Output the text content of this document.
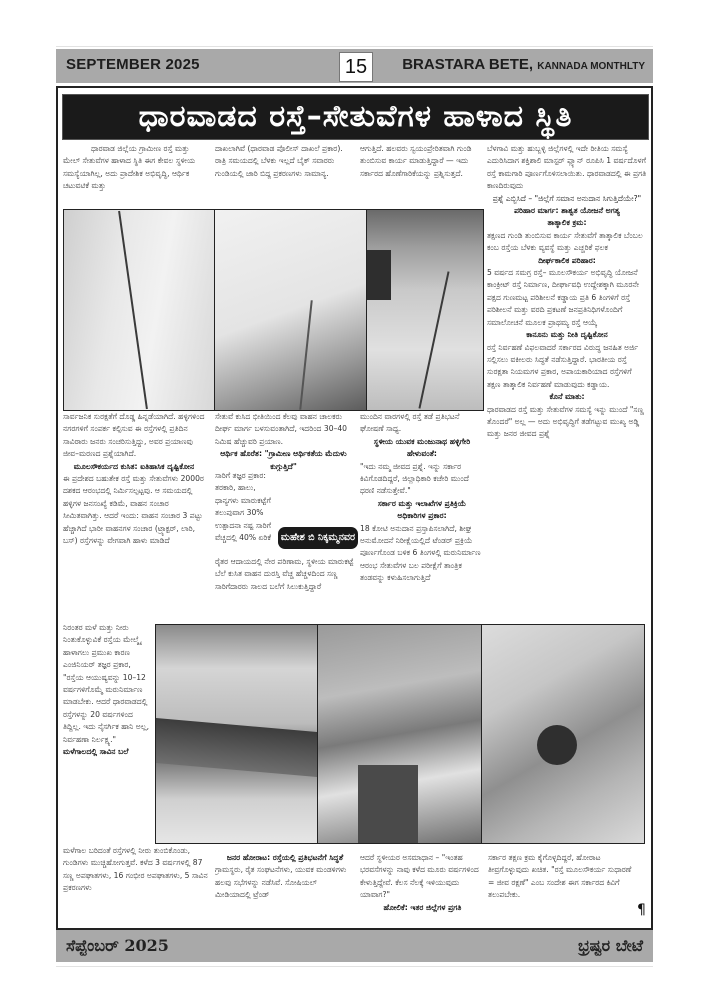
SEPTEMBER 2025	15	BRASTARA BETE, KANNADA MONTHLTY
ಧಾರವಾಡದ ರಸ್ತೆ–ಸೇತುವೆಗಳ ಹಾಳಾದ ಸ್ಥಿತಿ

ಧಾರವಾಡ ಜಿಲ್ಲೆಯ ಗ್ರಾಮೀಣ ರಸ್ತೆ ಮತ್ತು ಮೇಲ್ ಸೇತುವೆಗಳ ಹಾಳಾದ ಸ್ಥಿತಿ ಈಗ ಕೇವಲ ಸ್ಥಳೀಯ ಸಮಸ್ಯೆಯಾಗಿಲ್ಲ, ಅದು ಪ್ರಾದೇಶಿಕ ಅಭಿವೃದ್ಧಿ, ಆರ್ಥಿಕ ಚಟುವಟಿಕೆ ಮತ್ತು

ದಾಖಲಾಗಿವೆ (ಧಾರವಾಡ ಪೊಲೀಸ್ ದಾಖಲೆ ಪ್ರಕಾರ). ರಾತ್ರಿ ಸಮಯದಲ್ಲಿ ಬೆಳಕು ಇಲ್ಲದೆ ಬೈಕ್ ಸವಾರರು ಗುಂಡಿಯಲ್ಲಿ ಜಾರಿ ಬಿದ್ದ ಪ್ರಕರಣಗಳು ಸಾಮಾನ್ಯ.

ಆಗುತ್ತಿದೆ. ಹಲವರು ಸ್ವಯಂಪ್ರೇರಿತವಾಗಿ ಗುಂಡಿ ತುಂಬಿಸುವ ಕಾರ್ಯ ಮಾಡುತ್ತಿದ್ದಾರೆ — ಇದು ಸರ್ಕಾರದ ಹೊಣೆಗಾರಿಕೆಯನ್ನು ಪ್ರಶ್ನಿಸುತ್ತದೆ.

ಬೆಳಗಾವಿ ಮತ್ತು ಹುಬ್ಬಳ್ಳಿ ಜಿಲ್ಲೆಗಳಲ್ಲಿ ಇದೇ ರೀತಿಯ ಸಮಸ್ಯೆ ಎದುರಿಸಿದಾಗ ಶಕ್ತಿಶಾಲಿ ಮಾಸ್ಟರ್ ಪ್ಲ್ಯಾನ್ ರೂಪಿಸಿ 1 ವರ್ಷದೊಳಗೆ ರಸ್ತೆ ಕಾಮಗಾರಿ ಪೂರ್ಣಗೊಳಿಸಲಾಯಿತು. ಧಾರವಾಡದಲ್ಲಿ ಈ ಪ್ರಗತಿ ಕಾಣದಿರುವುದು

ಪ್ರಶ್ನೆ ಎಬ್ಬಿಸಿದೆ – "ಜಿಲ್ಲೆಗೆ ಸಮಾನ ಅನುದಾನ ಸಿಗುತ್ತಿದೆಯೇ?"

ಪರಿಹಾರ ಮಾರ್ಗ: ಶಾಶ್ವತ ಯೋಜನೆ ಅಗತ್ಯ

ತಾತ್ಕಾಲಿಕ ಕ್ರಮ:

ತಕ್ಷಣದ ಗುಂಡಿ ತುಂಬಿಸುವ ಕಾರ್ಯ ಸೇತುವೆಗೆ ತಾತ್ಕಾಲಿಕ ಬೆಂಬಲ ಕಂಬ ರಸ್ತೆಯ ಬೆಳಕು ವ್ಯವಸ್ಥೆ ಮತ್ತು ಎಚ್ಚರಿಕೆ ಫಲಕ

ದೀರ್ಘಕಾಲಿಕ ಪರಿಹಾರ:

5 ವರ್ಷದ ಸಮಗ್ರ ರಸ್ತೆ– ಮೂಲಸೌಕರ್ಯ ಅಭಿವೃದ್ಧಿ ಯೋಜನೆ ಕಾಂಕ್ರೀಟ್ ರಸ್ತೆ ನಿರ್ಮಾಣ, ದೀರ್ಘಾವಧಿ ಉದ್ದೇಶಕ್ಕಾಗಿ ಮೂರನೇ ಪಕ್ಷದ ಗುಣಮಟ್ಟ ಪರಿಶೀಲನೆ ಕಡ್ಡಾಯ ಪ್ರತಿ 6 ತಿಂಗಳಿಗೆ ರಸ್ತೆ ಪರಿಶೀಲನೆ ಮತ್ತು ವರದಿ ಪ್ರಕಟಣೆ ಜನಪ್ರತಿನಿಧಿಗಳೊಂದಿಗೆ ಸಮಾಲೋಚನೆ ಮೂಲಕ ಪ್ರಾಥಮ್ಯ ರಸ್ತೆ ಆಯ್ಕೆ

ಕಾನೂನು ಮತ್ತು ನೀತಿ ದೃಷ್ಟಿಕೋನ

ರಸ್ತೆ ನಿರ್ವಹಣೆ ವಿಫಲವಾದರೆ ಸರ್ಕಾರದ ವಿರುದ್ಧ ಜನಹಿತ ಅರ್ಜಿ ಸಲ್ಲಿಸಲು ವಕೀಲರು ಸಿದ್ಧತೆ ನಡೆಸುತ್ತಿದ್ದಾರೆ. ಭಾರತೀಯ ರಸ್ತೆ ಸುರಕ್ಷತಾ ನಿಯಮಗಳ ಪ್ರಕಾರ, ಅಪಾಯಕಾರಿಯಾದ ರಸ್ತೆಗಳಿಗೆ ತಕ್ಷಣ ತಾತ್ಕಾಲಿಕ ನಿರ್ವಹಣೆ ಮಾಡುವುದು ಕಡ್ಡಾಯ.

ಕೊನೆ ಮಾತು:

ಧಾರವಾಡದ ರಸ್ತೆ ಮತ್ತು ಸೇತುವೆಗಳ ಸಮಸ್ಯೆ ಇನ್ನು ಮುಂದೆ "ಸಣ್ಣ ತೊಂದರೆ" ಅಲ್ಲ — ಅದು ಅಭಿವೃದ್ಧಿಗೆ ತಡೆಗಟ್ಟುವ ಮುಖ್ಯ ಅಡ್ಡಿ ಮತ್ತು ಜನರ ಜೀವದ ಪ್ರಶ್ನೆ

ಸಾರ್ವಜನಿಕ ಸುರಕ್ಷತೆಗೆ ದೊಡ್ಡ ಹಿನ್ನಡೆಯಾಗಿದೆ. ಹಳ್ಳಿಗಳಿಂದ ನಗರಗಳಿಗೆ ಸಂಪರ್ಕ ಕಲ್ಪಿಸುವ ಈ ರಸ್ತೆಗಳಲ್ಲಿ ಪ್ರತಿದಿನ ಸಾವಿರಾರು ಜನರು ಸಂಚರಿಸುತ್ತಿದ್ದು, ಅವರ ಪ್ರಯಾಣವು ಜೀವ–ಮರಣದ ಪ್ರಶ್ನೆಯಾಗಿದೆ.

ಮೂಲಸೌಕರ್ಯದ ಕುಸಿತ: ಐತಿಹಾಸಿಕ ದೃಷ್ಟಿಕೋನ

ಈ ಪ್ರದೇಶದ ಬಹುತೇಕ ರಸ್ತೆ ಮತ್ತು ಸೇತುವೆಗಳು 2000ರ ದಶಕದ ಆರಂಭದಲ್ಲಿ ನಿರ್ಮಿಸಲ್ಪಟ್ಟವು. ಆ ಸಮಯದಲ್ಲಿ ಹಳ್ಳಿಗಳ ಜನಸಂಖ್ಯೆ ಕಡಿಮೆ, ವಾಹನ ಸಂಚಾರ ಸೀಮಿತವಾಗಿತ್ತು. ಆದರೆ ಇಂದು: ವಾಹನ ಸಂಚಾರ 3 ಪಟ್ಟು ಹೆಚ್ಚಾಗಿದೆ ಭಾರೀ ವಾಹನಗಳ ಸಂಚಾರ (ಟ್ರ್ಯಾಕ್ಟರ್, ಲಾರಿ, ಬಸ್) ರಸ್ತೆಗಳನ್ನು ವೇಗವಾಗಿ ಹಾಳು ಮಾಡಿದೆ

ಸೇತುವೆ ಕುಸಿದ ಭೀತಿಯಿಂದ ಕೆಲವು ವಾಹನ ಚಾಲಕರು ದೀರ್ಘ ಮಾರ್ಗ ಬಳಸುವಂತಾಗಿದೆ, ಇದರಿಂದ 30–40 ನಿಮಿಷ ಹೆಚ್ಚುವರಿ ಪ್ರಯಾಣ.

ಆರ್ಥಿಕ ಹೊರೆತ: "ಗ್ರಾಮೀಣ ಆರ್ಥಿಕತೆಯ ಮೆದುಳು ಕುಗ್ಗುತ್ತಿದೆ"

ಸಾರಿಗೆ ತಜ್ಞರ ಪ್ರಕಾರ: ತರಕಾರಿ, ಹಾಲು, ಧಾನ್ಯಗಳು ಮಾರುಕಟ್ಟೆಗೆ ತಲುಪುವಾಗ 30% ಉತ್ಪಾದನಾ ನಷ್ಟ ಸಾರಿಗೆ ವೆಚ್ಚದಲ್ಲಿ 40% ಏರಿಕೆ

ರೈತರ ಆದಾಯದಲ್ಲಿ ನೇರ ಪರಿಣಾಮ, ಸ್ಥಳೀಯ ಮಾರುಕಟ್ಟೆ ಬೆಲೆ ಕುಸಿತ ವಾಹನ ದುರಸ್ತಿ ವೆಚ್ಚ ಹೆಚ್ಚಳದಿಂದ ಸಣ್ಣ ಸಾರಿಗೆದಾರರು ಸಾಲದ ಬಲೆಗೆ ಸಿಲುಕುತ್ತಿದ್ದಾರೆ

ಮುಂದಿನ ವಾರಗಳಲ್ಲಿ ರಸ್ತೆ ತಡೆ ಪ್ರತಿಭಟನೆ ಘೋಷಣೆ ಸಾಧ್ಯ.

ಸ್ಥಳೀಯ ಯುವಕ ಮಂಜುನಾಥ ಹಳ್ಳಿಗೇರಿ ಹೇಳುವಂತೆ:

"ಇದು ನಮ್ಮ ಜೀವದ ಪ್ರಶ್ನೆ. ಇನ್ನು ಸರ್ಕಾರ ಕಿವಿಗೊಡದಿದ್ದರೆ, ಜಿಲ್ಲಾಧಿಕಾರಿ ಕಚೇರಿ ಮುಂದೆ ಧರಣಿ ನಡೆಸುತ್ತೇವೆ."

ಸರ್ಕಾರ ಮತ್ತು ಇಲಾಖೆಗಳ ಪ್ರತಿಕ್ರಿಯೆ

ಅಧಿಕಾರಿಗಳ ಪ್ರಕಾರ:

18 ಕೋಟಿ ಅನುದಾನ ಪ್ರಸ್ತಾಪಿಸಲಾಗಿದೆ, ಶೀಘ್ರ ಅನುಮೋದನೆ ನಿರೀಕ್ಷೆಯಲ್ಲಿದೆ ಟೆಂಡರ್ ಪ್ರಕ್ರಿಯೆ ಪೂರ್ಣಗೊಂಡ ಬಳಿಕ 6 ತಿಂಗಳಲ್ಲಿ ಮರುನಿರ್ಮಾಣ ಆರಂಭ ಸೇತುವೆಗಳ ಬಲ ಪರೀಕ್ಷೆಗೆ ತಾಂತ್ರಿಕ ತಂಡವನ್ನು ಕಳುಹಿಸಲಾಗುತ್ತಿದೆ

ಮಹೇಶ ಬಿ ನಿಕ್ಕಮ್ಮನವರ

ನಿರಂತರ ಮಳೆ ಮತ್ತು ನೀರು ನಿಂತುಕೊಳ್ಳುವಿಕೆ ರಸ್ತೆಯ ಮೇಲ್ಮೈ ಹಾಳಾಗಲು ಪ್ರಮುಖ ಕಾರಣ

ಎಂಜಿನಿಯರ್ ತಜ್ಞರ ಪ್ರಕಾರ, "ರಸ್ತೆಯ ಆಯುಷ್ಯವನ್ನು 10–12 ವರ್ಷಗಳಿಗೊಮ್ಮೆ ಮರುನಿರ್ಮಾಣ ಮಾಡಬೇಕು. ಆದರೆ ಧಾರವಾಡದಲ್ಲಿ ರಸ್ತೆಗಳನ್ನು 20 ವರ್ಷಗಳಿಂದ ತಿದ್ದಿಲ್ಲ. ಇದು ನೈಸರ್ಗಿಕ ಹಾನಿ ಅಲ್ಲ, ನಿರ್ವಹಣಾ ನಿರ್ಲಕ್ಷ್ಯ."

ಮಳೆಗಾಲದಲ್ಲಿ ಸಾವಿನ ಬಲೆ

ಮಳೆಗಾಲ ಬರಿದಂತೆ ರಸ್ತೆಗಳಲ್ಲಿ ನೀರು ತುಂಬಿಕೊಂಡು, ಗುಂಡಿಗಳು ಮುಚ್ಚಿಹೋಗುತ್ತವೆ. ಕಳೆದ 3 ವರ್ಷಗಳಲ್ಲಿ 87 ಸಣ್ಣ ಅಪಘಾತಗಳು, 16 ಗಂಭೀರ ಅಪಘಾತಗಳು, 5 ಸಾವಿನ ಪ್ರಕರಣಗಳು

ಜನರ ಹೋರಾಟ: ರಸ್ತೆಯಲ್ಲಿ ಪ್ರತಿಭಟನೆಗೆ ಸಿದ್ಧತೆ

ಗ್ರಾಮಸ್ಥರು, ರೈತ ಸಂಘಟನೆಗಳು, ಯುವಕ ಮಂಡಳಿಗಳು ಹಲವು ಸಭೆಗಳನ್ನು ನಡೆಸಿವೆ. ಸೋಷಿಯಲ್ ಮೀಡಿಯಾದಲ್ಲಿ ಟ್ರೆಂಡ್

ಆದರೆ ಸ್ಥಳೀಯರ ಅಸಮಾಧಾನ – "ಇಂತಹ ಭರವಸೆಗಳನ್ನು ನಾವು ಕಳೆದ ಮೂರು ವರ್ಷಗಳಿಂದ ಕೇಳುತ್ತಿದ್ದೇವೆ. ಕೆಲಸ ನೆಲಕ್ಕೆ ಇಳಿಯುವುದು ಯಾವಾಗ?"

ಹೋಲಿಕೆ: ಇತರ ಜಿಲ್ಲೆಗಳ ಪ್ರಗತಿ

ಸರ್ಕಾರ ತಕ್ಷಣ ಕ್ರಮ ಕೈಗೊಳ್ಳದಿದ್ದರೆ, ಹೋರಾಟ ತೀವ್ರಗೊಳ್ಳುವುದು ಖಚಿತ. "ರಸ್ತೆ ಮೂಲಸೌಕರ್ಯ ಸುಧಾರಣೆ = ಜೀವ ರಕ್ಷಣೆ" ಎಂಬ ಸಂದೇಶ ಈಗ ಸರ್ಕಾರದ ಕಿವಿಗೆ ತಲುಪಬೇಕು.

¶
ಸೆಪ್ಟೆಂಬರ್ 2025	ಭ್ರಷ್ಟರ ಬೇಟೆ
